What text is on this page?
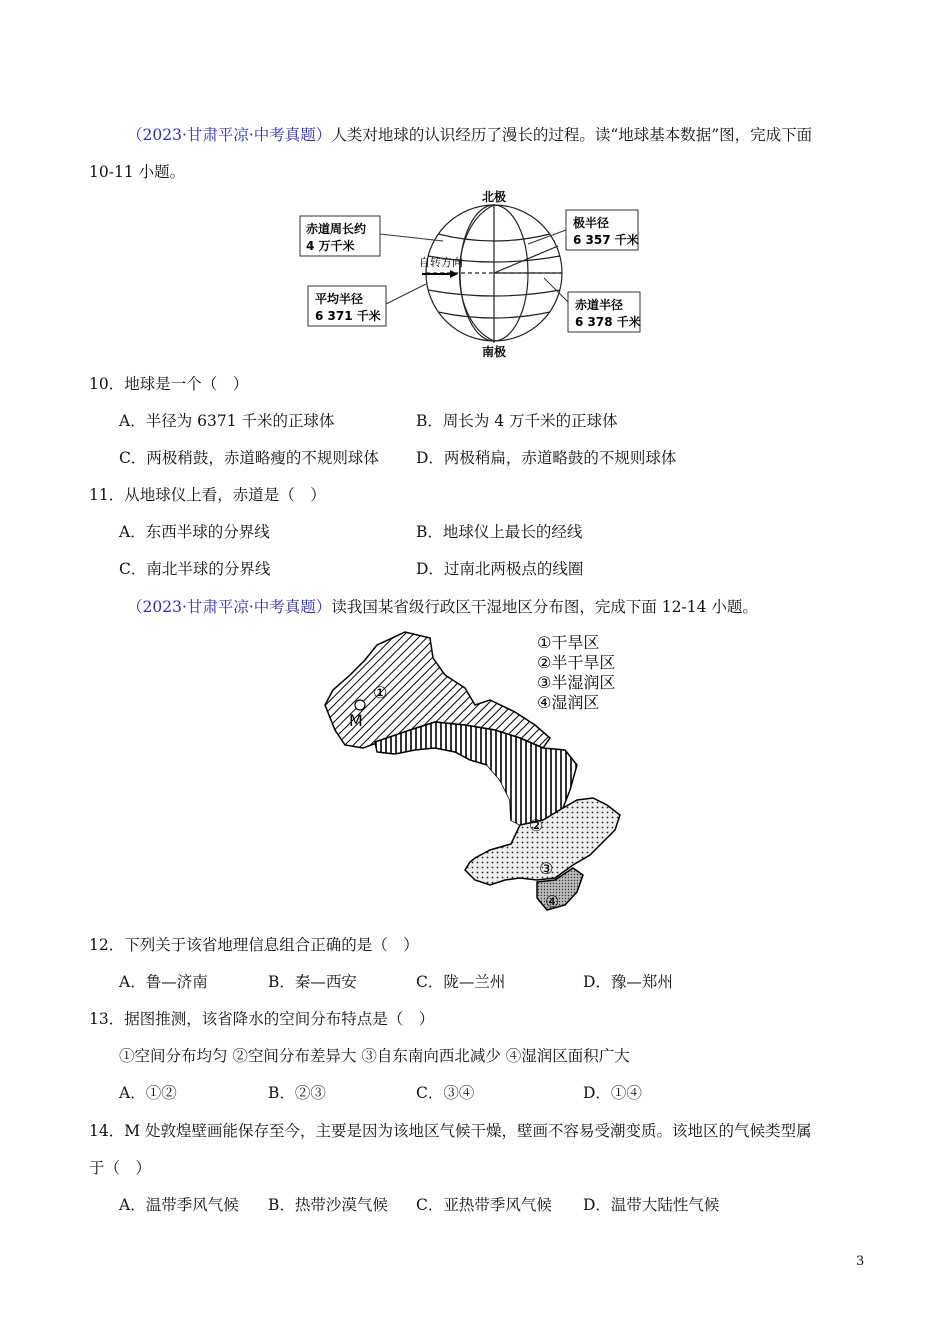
（2023·甘肃平凉·中考真题）人类对地球的认识经历了漫长的过程。读“地球基本数据”图，完成下面
10-11 小题。
北极
南极
自转方向
赤道周长约
4 万千米
极半径
6 357 千米
平均半径
6 371 千米
赤道半径
6 378 千米
10．地球是一个（　）
A．半径为 6371 千米的正球体	B．周长为 4 万千米的正球体
C．两极稍鼓，赤道略瘦的不规则球体 D．两极稍扁，赤道略鼓的不规则球体
11．从地球仪上看，赤道是（　）
A．东西半球的分界线	B．地球仪上最长的经线
C．南北半球的分界线	D．过南北两极点的线圈
（2023·甘肃平凉·中考真题）读我国某省级行政区干湿地区分布图，完成下面 12-14 小题。
M
①
②
③
④
①干旱区
②半干旱区
③半湿润区
④湿润区
12．下列关于该省地理信息组合正确的是（　）
A．鲁—济南	B．秦—西安	C．陇—兰州	D．豫—郑州
13．据图推测，该省降水的空间分布特点是（　）
①空间分布均匀 ②空间分布差异大 ③自东南向西北减少 ④湿润区面积广大
A．①②	B．②③	C．③④	D．①④
14．M 处敦煌壁画能保存至今，主要是因为该地区气候干燥，壁画不容易受潮变质。该地区的气候类型属
于（　）
A．温带季风气候 B．热带沙漠气候 C．亚热带季风气候 D．温带大陆性气候
3
